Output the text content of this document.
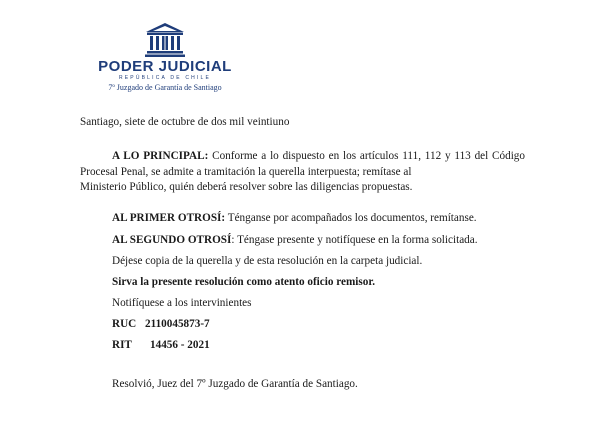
PODER JUDICIAL
REPÚBLICA DE CHILE
7º Juzgado de Garantía de Santiago
Santiago, siete de octubre de dos mil veintiuno
A LO PRINCIPAL: Conforme a lo dispuesto en los artículos 111, 112 y 113 del Código Procesal Penal, se admite a tramitación la querella interpuesta; remítase al
Ministerio Público, quién deberá resolver sobre las diligencias propuestas.
AL PRIMER OTROSÍ: Ténganse por acompañados los documentos, remítanse.
AL SEGUNDO OTROSÍ: Téngase presente y notifíquese en la forma solicitada.
Déjese copia de la querella y de esta resolución en la carpeta judicial.
Sirva la presente resolución como atento oficio remisor.
Notifíquese a los intervinientes
RUC 2110045873-7
RIT 14456 - 2021
Resolvió, Juez del 7º Juzgado de Garantía de Santiago.
